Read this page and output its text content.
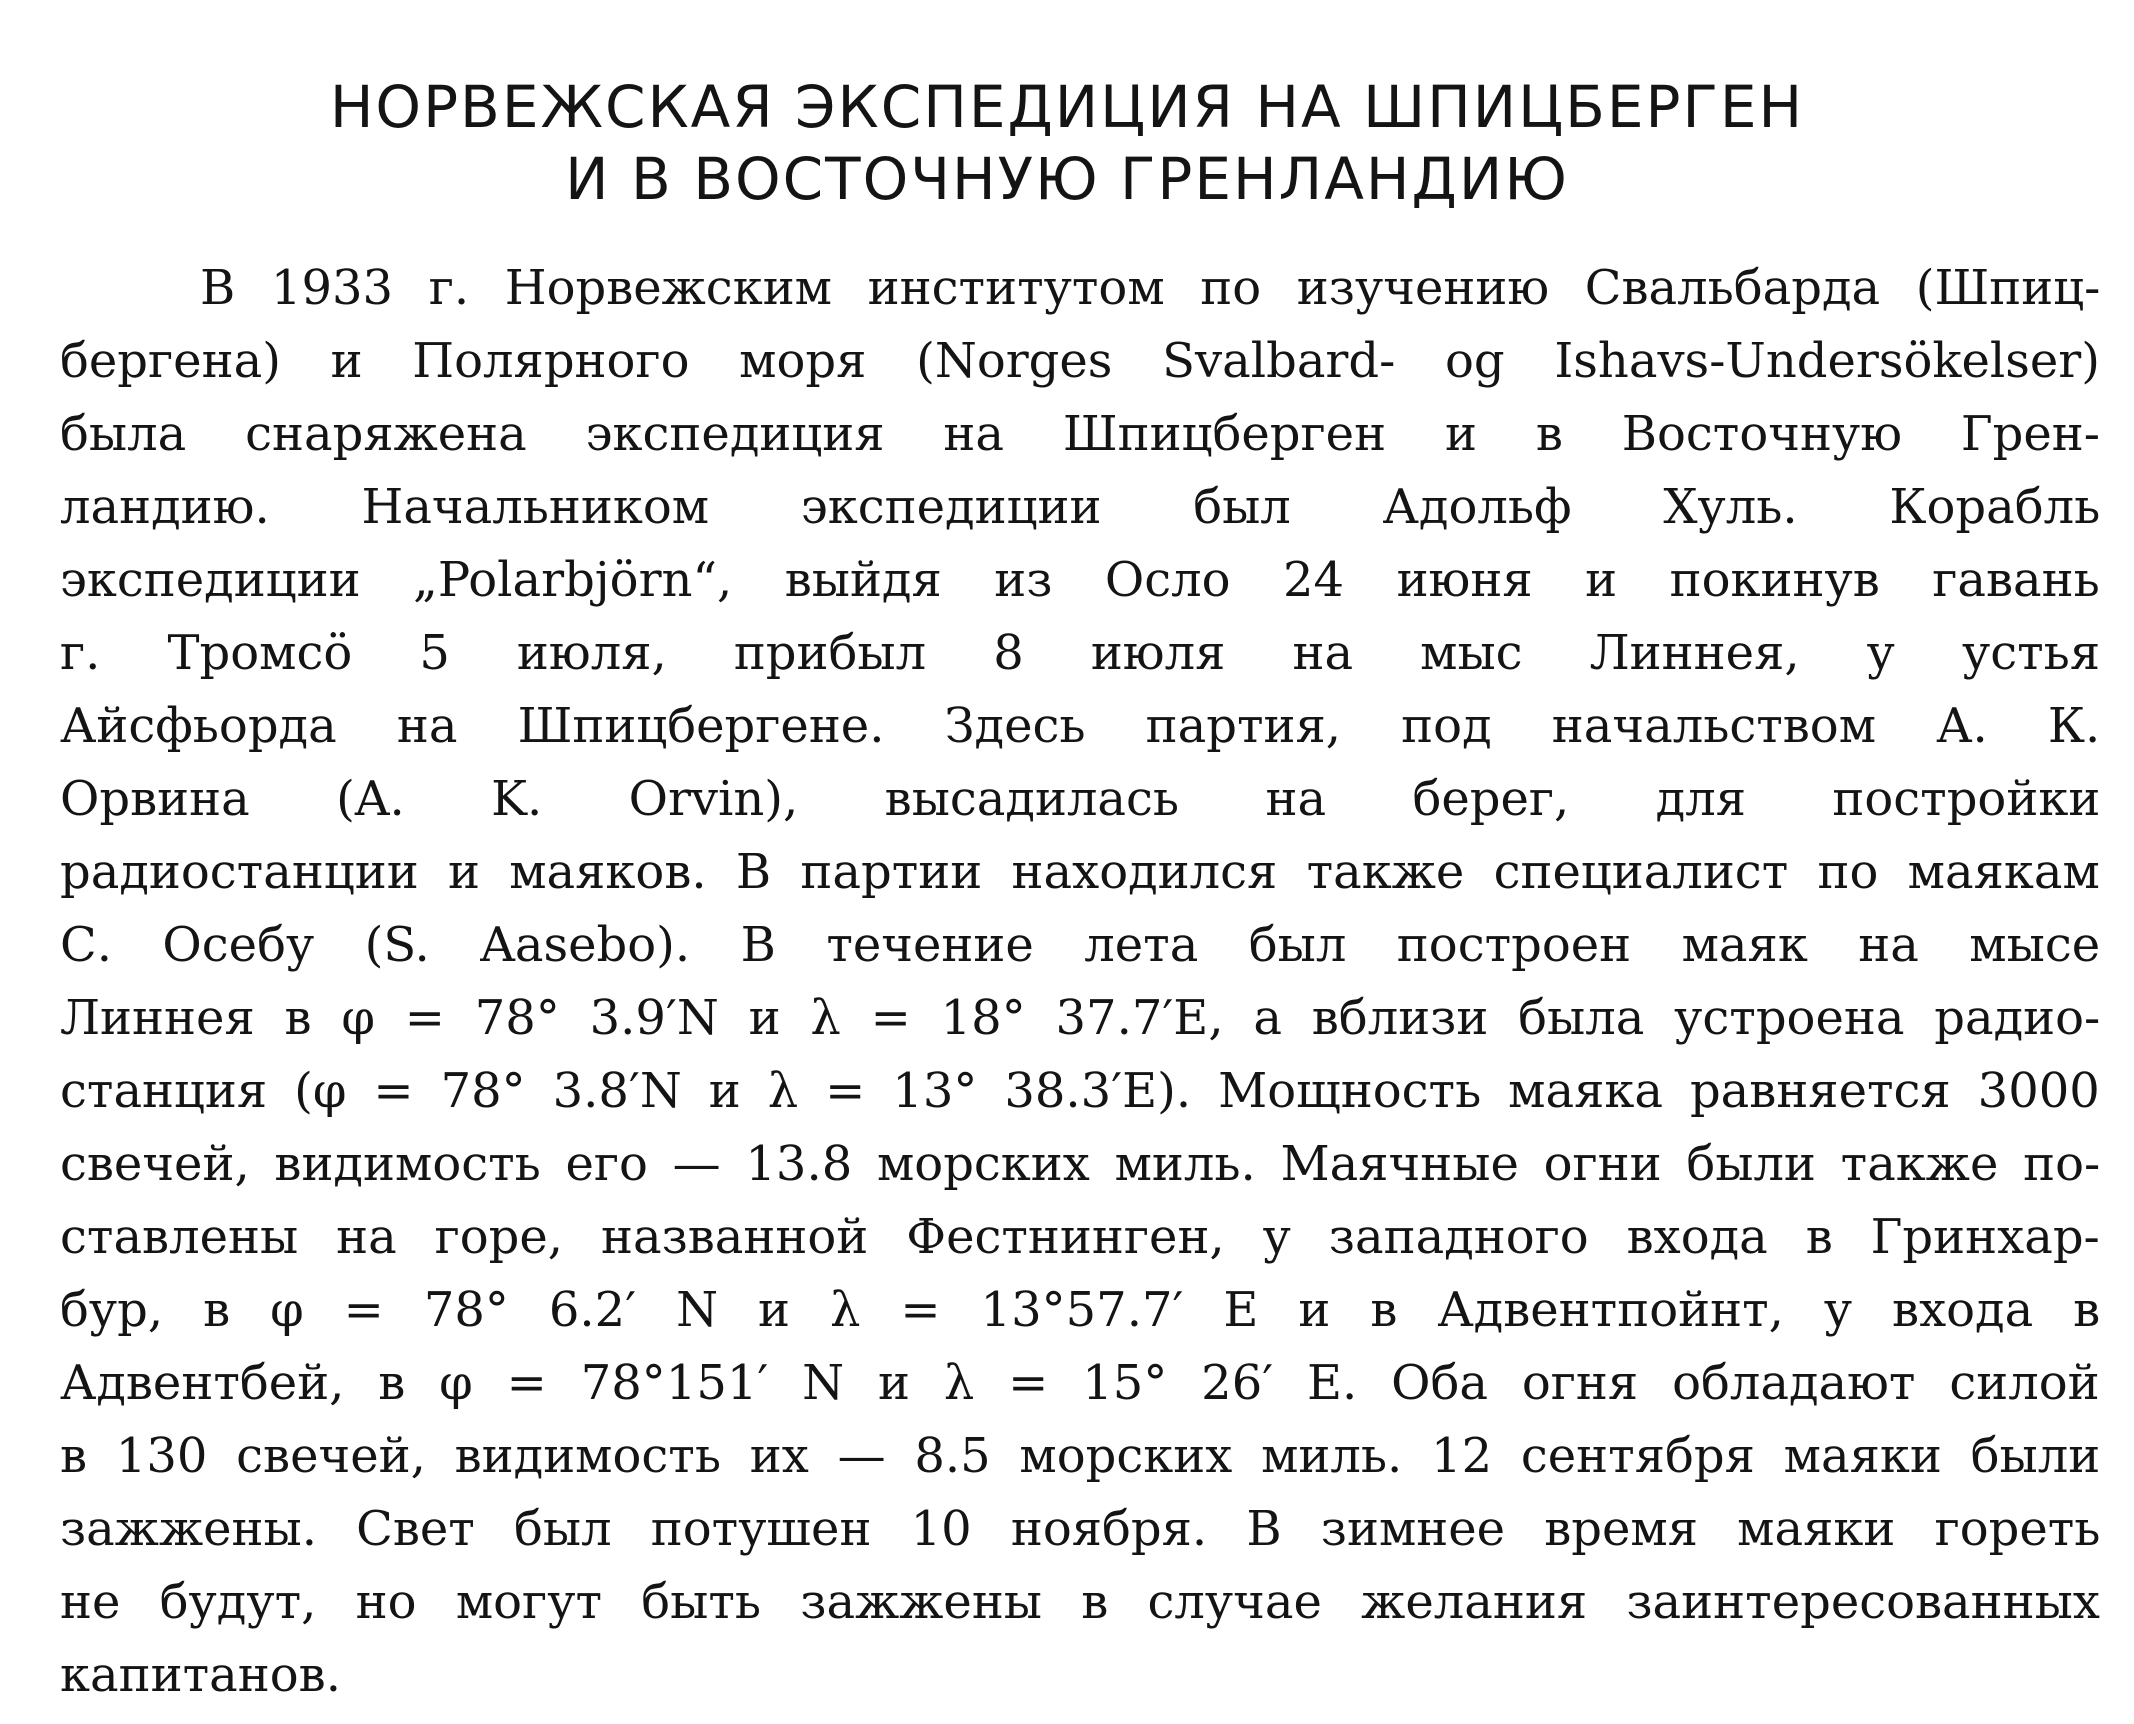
НОРВЕЖСКАЯ ЭКСПЕДИЦИЯ НА ШПИЦБЕРГЕН
И В ВОСТОЧНУЮ ГРЕНЛАНДИЮ
В 1933 г. Норвежским институтом по изучению Свальбарда (Шпиц-
бергена) и Полярного моря (Norges Svalbard- og Ishavs-Undersökelser)
была снаряжена экспедиция на Шпицберген и в Восточную Грен-
ландию. Начальником экспедиции был Адольф Хуль. Корабль
экспедиции „Polarbjörn“, выйдя из Осло 24 июня и покинув гавань
г. Тромсö 5 июля, прибыл 8 июля на мыс Линнея, у устья
Айсфьорда на Шпицбергене. Здесь партия, под начальством А. К.
Орвина (A. K. Orvin), высадилась на берег, для постройки
радиостанции и маяков. В партии находился также специалист по маякам
С. Осебу (S. Aasebo). В течение лета был построен маяк на мысе
Линнея в φ = 78° 3.9′N и λ = 18° 37.7′E, а вблизи была устроена радио-
станция (φ = 78° 3.8′N и λ = 13° 38.3′E). Мощность маяка равняется 3000
свечей, видимость его — 13.8 морских миль. Маячные огни были также по-
ставлены на горе, названной Фестнинген, у западного входа в Гринхар-
бур, в φ = 78° 6.2′ N и λ = 13°57.7′ E и в Адвентпойнт, у входа в
Адвентбей, в φ = 78°151′ N и λ = 15° 26′ E. Оба огня обладают силой
в 130 свечей, видимость их — 8.5 морских миль. 12 сентября маяки были
зажжены. Свет был потушен 10 ноября. В зимнее время маяки гореть
не будут, но могут быть зажжены в случае желания заинтересованных
капитанов.
